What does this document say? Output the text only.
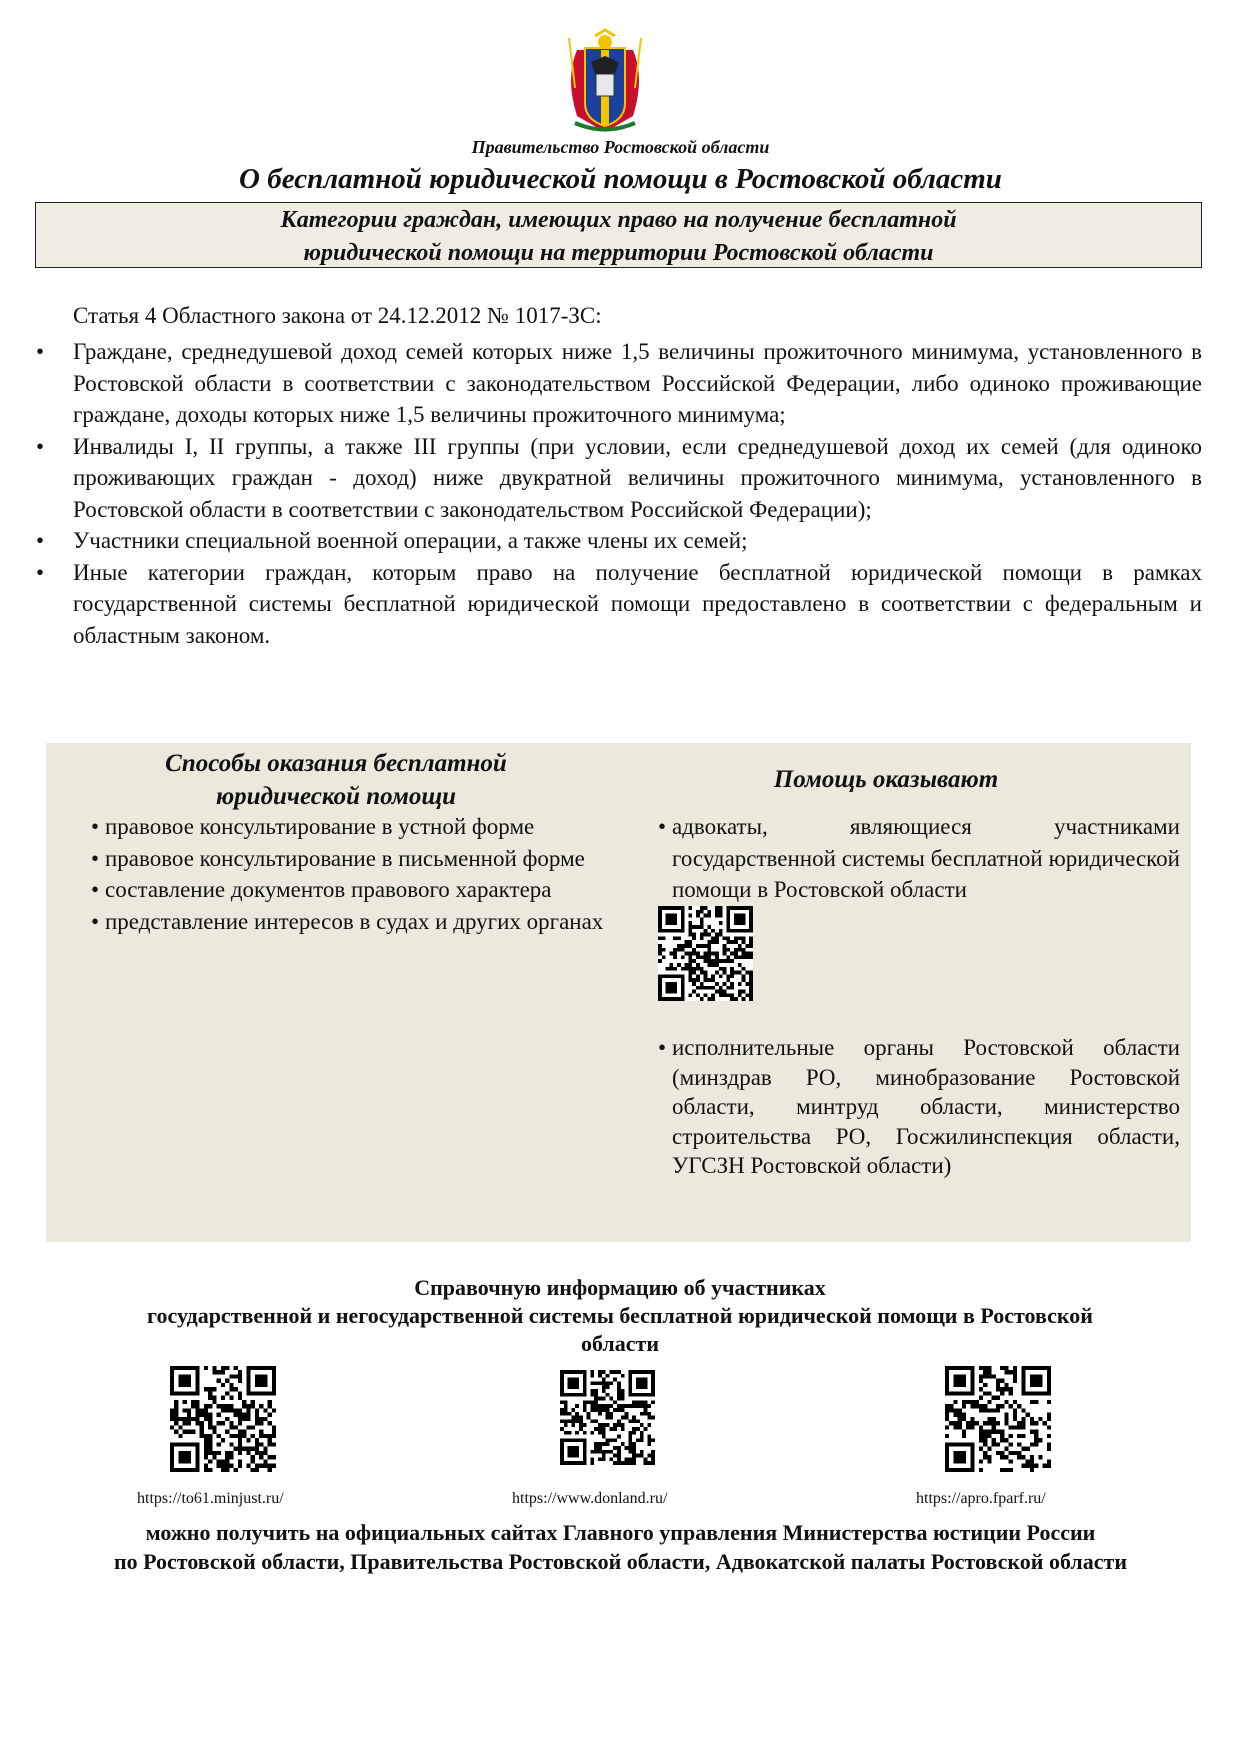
Правительство Ростовской области
О бесплатной юридической помощи в Ростовской области
Категории граждан, имеющих право на получение бесплатной
юридической помощи на территории Ростовской области
Статья 4 Областного закона от 24.12.2012 № 1017-ЗС:
• Граждане, среднедушевой доход семей которых ниже 1,5 величины прожиточного минимума, установленного в Ростовской области в соответствии с законодательством Российской Федерации, либо одиноко проживающие граждане, доходы которых ниже 1,5 величины прожиточного минимума;
• Инвалиды I, II группы, а также III группы (при условии, если среднедушевой доход их семей (для одиноко проживающих граждан - доход) ниже двукратной величины прожиточного минимума, установленного в Ростовской области в соответствии с законодательством Российской Федерации);
• Участники специальной военной операции, а также члены их семей;
• Иные категории граждан, которым право на получение бесплатной юридической помощи в рамках государственной системы бесплатной юридической помощи предоставлено в соответствии с федеральным и областным законом.
Способы оказания бесплатной
юридической помощи
Помощь оказывают
• правовое консультирование в устной форме
• правовое консультирование в письменной форме
• составление документов правового характера
• представление интересов в судах и других органах
• адвокаты, являющиеся участниками государственной системы бесплатной юридической помощи в Ростовской области
• исполнительные органы Ростовской области (минздрав РО, минобразование Ростовской области, минтруд области, министерство строительства РО, Госжилинспекция области, УГСЗН Ростовской области)
Справочную информацию об участниках
государственной и негосударственной системы бесплатной юридической помощи в Ростовской
области
https://to61.minjust.ru/	https://www.donland.ru/	https://apro.fparf.ru/
можно получить на официальных сайтах Главного управления Министерства юстиции России
по Ростовской области, Правительства Ростовской области, Адвокатской палаты Ростовской области
